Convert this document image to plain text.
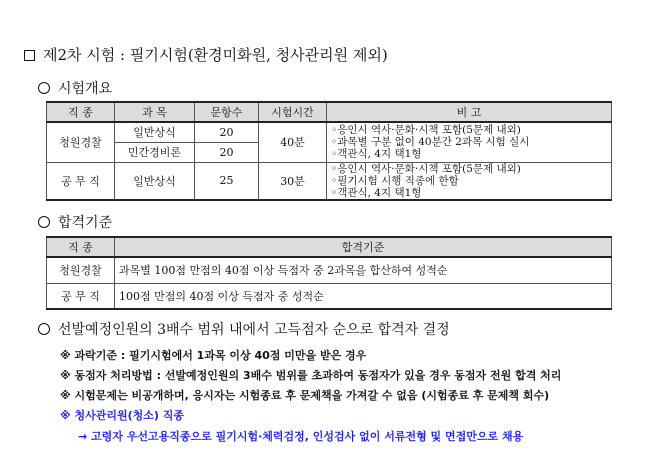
제2차 시험 : 필기시험(환경미화원, 청사관리원 제외)
시험개요
직 종	과 목	문항수	시험시간	비 고
청원경찰	일반상식	20	40분	◦응인시 역사·문화·시책 포함(5문제 내외)
◦과목별 구분 없이 40분간 2과목 시험 실시
◦객관식, 4지 택1형

	민간경비론	20		
공 무 직	일반상식	25	30분	◦응인시 역사·문화·시책 포함(5문제 내외)
◦필기시험 시행 직종에 한함
◦객관식, 4지 택1형
합격기준
직 종	합격기준
청원경찰	과목별 100점 만점의 40점 이상 득점자 중 2과목을 합산하여 성적순
공 무 직	100점 만점의 40점 이상 득점자 중 성적순
선발예정인원의 3배수 범위 내에서 고득점자 순으로 합격자 결정
※ 과락기준 : 필기시험에서 1과목 이상 40점 미만을 받은 경우
※ 동점자 처리방법 : 선발예정인원의 3배수 범위를 초과하여 동점자가 있을 경우 동점자 전원 합격 처리
※ 시험문제는 비공개하며, 응시자는 시험종료 후 문제책을 가져갈 수 없음 (시험종료 후 문제책 회수)
※ 청사관리원(청소) 직종
→ 고령자 우선고용직종으로 필기시험·체력검정, 인성검사 없이 서류전형 및 면접만으로 채용
